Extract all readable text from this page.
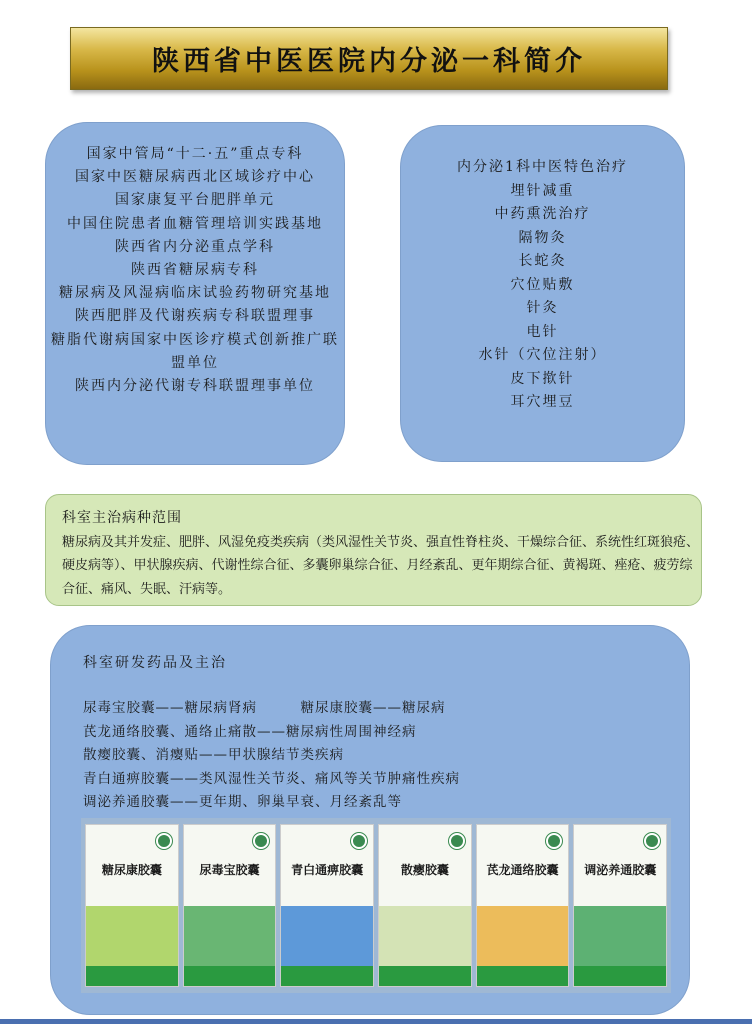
陕西省中医医院内分泌一科简介
国家中管局“十二·五”重点专科
国家中医糖尿病西北区域诊疗中心
国家康复平台肥胖单元
中国住院患者血糖管理培训实践基地
陕西省内分泌重点学科
陕西省糖尿病专科
糖尿病及风湿病临床试验药物研究基地
陕西肥胖及代谢疾病专科联盟理事
糖脂代谢病国家中医诊疗模式创新推广联盟单位
陕西内分泌代谢专科联盟理事单位
内分泌1科中医特色治疗
埋针减重
中药熏洗治疗
隔物灸
长蛇灸
穴位贴敷
针灸
电针
水针（穴位注射）
皮下揿针
耳穴埋豆
科室主治病种范围
糖尿病及其并发症、肥胖、风湿免疫类疾病（类风湿性关节炎、强直性脊柱炎、干燥综合征、系统性红斑狼疮、硬皮病等）、甲状腺疾病、代谢性综合征、多囊卵巢综合征、月经紊乱、更年期综合征、黄褐斑、痤疮、疲劳综合征、痛风、失眠、汗病等。
科室研发药品及主治
尿毒宝胶囊——糖尿病肾病　　　糖尿康胶囊——糖尿病
芪龙通络胶囊、通络止痛散——糖尿病性周围神经病
散瘿胶囊、消瘿贴——甲状腺结节类疾病
青白通痹胶囊——类风湿性关节炎、痛风等关节肿痛性疾病
调泌养通胶囊——更年期、卵巢早衰、月经紊乱等
糖尿康胶囊	尿毒宝胶囊	青白通痹胶囊	散瘿胶囊	芪龙通络胶囊	调泌养通胶囊
